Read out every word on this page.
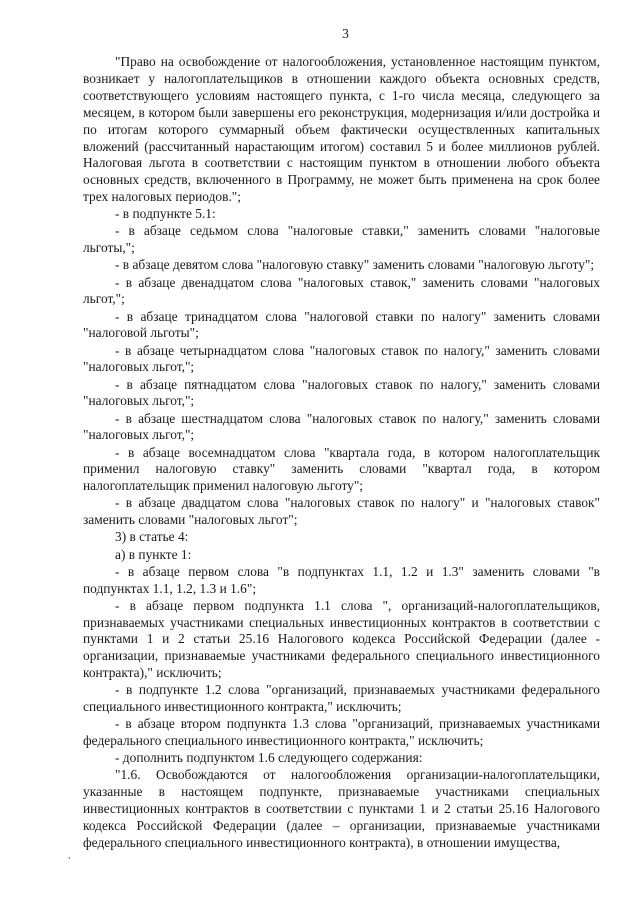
3

"Право на освобождение от налогообложения, установленное настоящим пунктом, возникает у налогоплательщиков в отношении каждого объекта основных средств, соответствующего условиям настоящего пункта, с 1-го числа месяца, следующего за месяцем, в котором были завершены его реконструкция, модернизация и/или достройка и по итогам которого суммарный объем фактически осуществленных капитальных вложений (рассчитанный нарастающим итогом) составил 5 и более миллионов рублей. Налоговая льгота в соответствии с настоящим пунктом в отношении любого объекта основных средств, включенного в Программу, не может быть применена на срок более трех налоговых периодов.";

- в подпункте 5.1:

- в абзаце седьмом слова "налоговые ставки," заменить словами "налоговые льготы,";

- в абзаце девятом слова "налоговую ставку" заменить словами "налоговую льготу";

- в абзаце двенадцатом слова "налоговых ставок," заменить словами "налоговых льгот,";

- в абзаце тринадцатом слова "налоговой ставки по налогу" заменить словами "налоговой льготы";

- в абзаце четырнадцатом слова "налоговых ставок по налогу," заменить словами "налоговых льгот,";

- в абзаце пятнадцатом слова "налоговых ставок по налогу," заменить словами "налоговых льгот,";

- в абзаце шестнадцатом слова "налоговых ставок по налогу," заменить словами "налоговых льгот,";

- в абзаце восемнадцатом слова "квартала года, в котором налогоплательщик применил налоговую ставку" заменить словами "квартал года, в котором налогоплательщик применил налоговую льготу";

- в абзаце двадцатом слова "налоговых ставок по налогу" и "налоговых ставок" заменить словами "налоговых льгот";

3) в статье 4:

а) в пункте 1:

- в абзаце первом слова "в подпунктах 1.1, 1.2 и 1.3" заменить словами "в подпунктах 1.1, 1.2, 1.3 и 1.6";

- в абзаце первом подпункта 1.1 слова ", организаций-налогоплательщиков, признаваемых участниками специальных инвестиционных контрактов в соответствии с пунктами 1 и 2 статьи 25.16 Налогового кодекса Российской Федерации (далее - организации, признаваемые участниками федерального специального инвестиционного контракта)," исключить;

- в подпункте 1.2 слова "организаций, признаваемых участниками федерального специального инвестиционного контракта," исключить;

- в абзаце втором подпункта 1.3 слова "организаций, признаваемых участниками федерального специального инвестиционного контракта," исключить;

- дополнить подпунктом 1.6 следующего содержания:

"1.6. Освобождаются от налогообложения организации-налогоплательщики, указанные в настоящем подпункте, признаваемые участниками специальных инвестиционных контрактов в соответствии с пунктами 1 и 2 статьи 25.16 Налогового кодекса Российской Федерации (далее – организации, признаваемые участниками федерального специального инвестиционного контракта), в отношении имущества,

,
